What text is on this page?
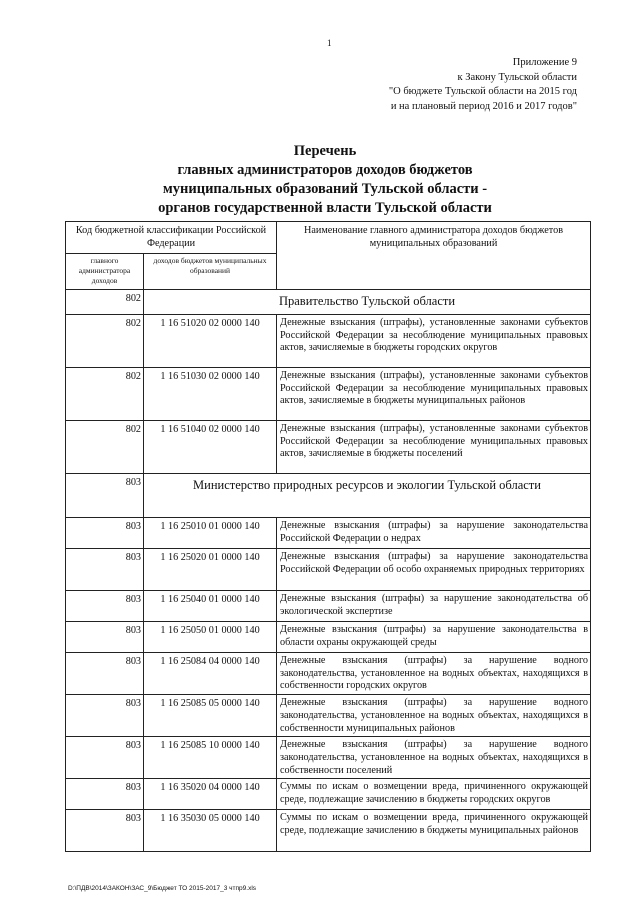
1
Приложение 9
к Закону Тульской области
"О бюджете Тульской области на 2015 год
и на плановый период 2016 и 2017 годов"
Перечень
главных администраторов доходов бюджетов
муниципальных образований Тульской области -
органов государственной власти Тульской области
Код бюджетной классификации Российской Федерации		Наименование главного администратора доходов бюджетов муниципальных образований
главного администратора доходов	доходов бюджетов муниципальных образований	
802	Правительство Тульской области	
802	1 16 51020 02 0000 140	Денежные взыскания (штрафы), установленные законами субъектов Российской Федерации за несоблюдение муниципальных правовых актов, зачисляемые в бюджеты городских округов
802	1 16 51030 02 0000 140	Денежные взыскания (штрафы), установленные законами субъектов Российской Федерации за несоблюдение муниципальных правовых актов, зачисляемые в бюджеты муниципальных районов
802	1 16 51040 02 0000 140	Денежные взыскания (штрафы), установленные законами субъектов Российской Федерации за несоблюдение муниципальных правовых актов, зачисляемые в бюджеты поселений
803	Министерство природных ресурсов и экологии Тульской области	
803	1 16 25010 01 0000 140	Денежные взыскания (штрафы) за нарушение законодательства Российской Федерации о недрах
803	1 16 25020 01 0000 140	Денежные взыскания (штрафы) за нарушение законодательства Российской Федерации об особо охраняемых природных территориях
803	1 16 25040 01 0000 140	Денежные взыскания (штрафы) за нарушение законодательства об экологической экспертизе
803	1 16 25050 01 0000 140	Денежные взыскания (штрафы) за нарушение законодательства в области охраны окружающей среды
803	1 16 25084 04 0000 140	Денежные взыскания (штрафы) за нарушение водного законодательства, установленное на водных объектах, находящихся в собственности городских округов
803	1 16 25085 05 0000 140	Денежные взыскания (штрафы) за нарушение водного законодательства, установленное на водных объектах, находящихся в собственности муниципальных районов
803	1 16 25085 10 0000 140	Денежные взыскания (штрафы) за нарушение водного законодательства, установленное на водных объектах, находящихся в собственности поселений
803	1 16 35020 04 0000 140	Суммы по искам о возмещении вреда, причиненного окружающей среде, подлежащие зачислению в бюджеты городских округов
803	1 16 35030 05 0000 140	Суммы по искам о возмещении вреда, причиненного окружающей среде, подлежащие зачислению в бюджеты муниципальных районов
D:\ПДВ\2014\ЗАКОН\ЗАС_9\Бюджет ТО 2015-2017_3 чтпр9.xls
